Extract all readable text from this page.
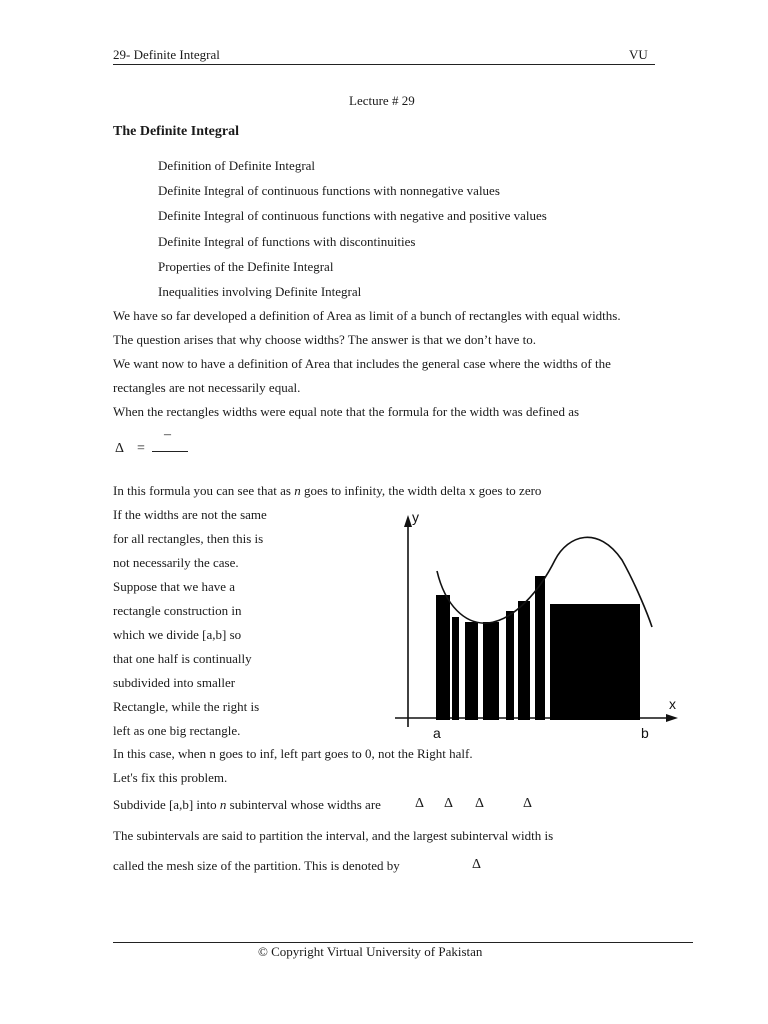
29- Definite Integral	VU
Lecture # 29
The Definite Integral
Definition of Definite Integral
Definite Integral of continuous functions with nonnegative values
Definite Integral of continuous functions with negative and positive values
Definite Integral of functions with discontinuities
Properties of the Definite Integral
Inequalities involving Definite Integral
We have so far developed a definition of Area as limit of a bunch of rectangles with equal widths.
The question arises that why choose widths? The answer is that we don’t have to.
We want now to have a definition of Area that includes the general case where the widths of the
rectangles are not necessarily equal.
When the rectangles widths were equal note that the formula for the width was defined as
Δ =
–
In this formula you can see that as n goes to infinity, the width delta x goes to zero
If the widths are not the same
for all rectangles, then this is
not necessarily the case.
Suppose that we have a
rectangle construction in
which we divide [a,b] so
that one half is continually
subdivided into smaller
Rectangle, while the right is
left as one big rectangle.
y
x
a	b
In this case, when n goes to inf, left part goes to 0, not the Right half.
Let's fix this problem.
Subdivide [a,b] into n subinterval whose widths are Δ Δ Δ	Δ
The subintervals are said to partition the interval, and the largest subinterval width is
called the mesh size of the partition. This is denoted by	Δ
© Copyright Virtual University of Pakistan
